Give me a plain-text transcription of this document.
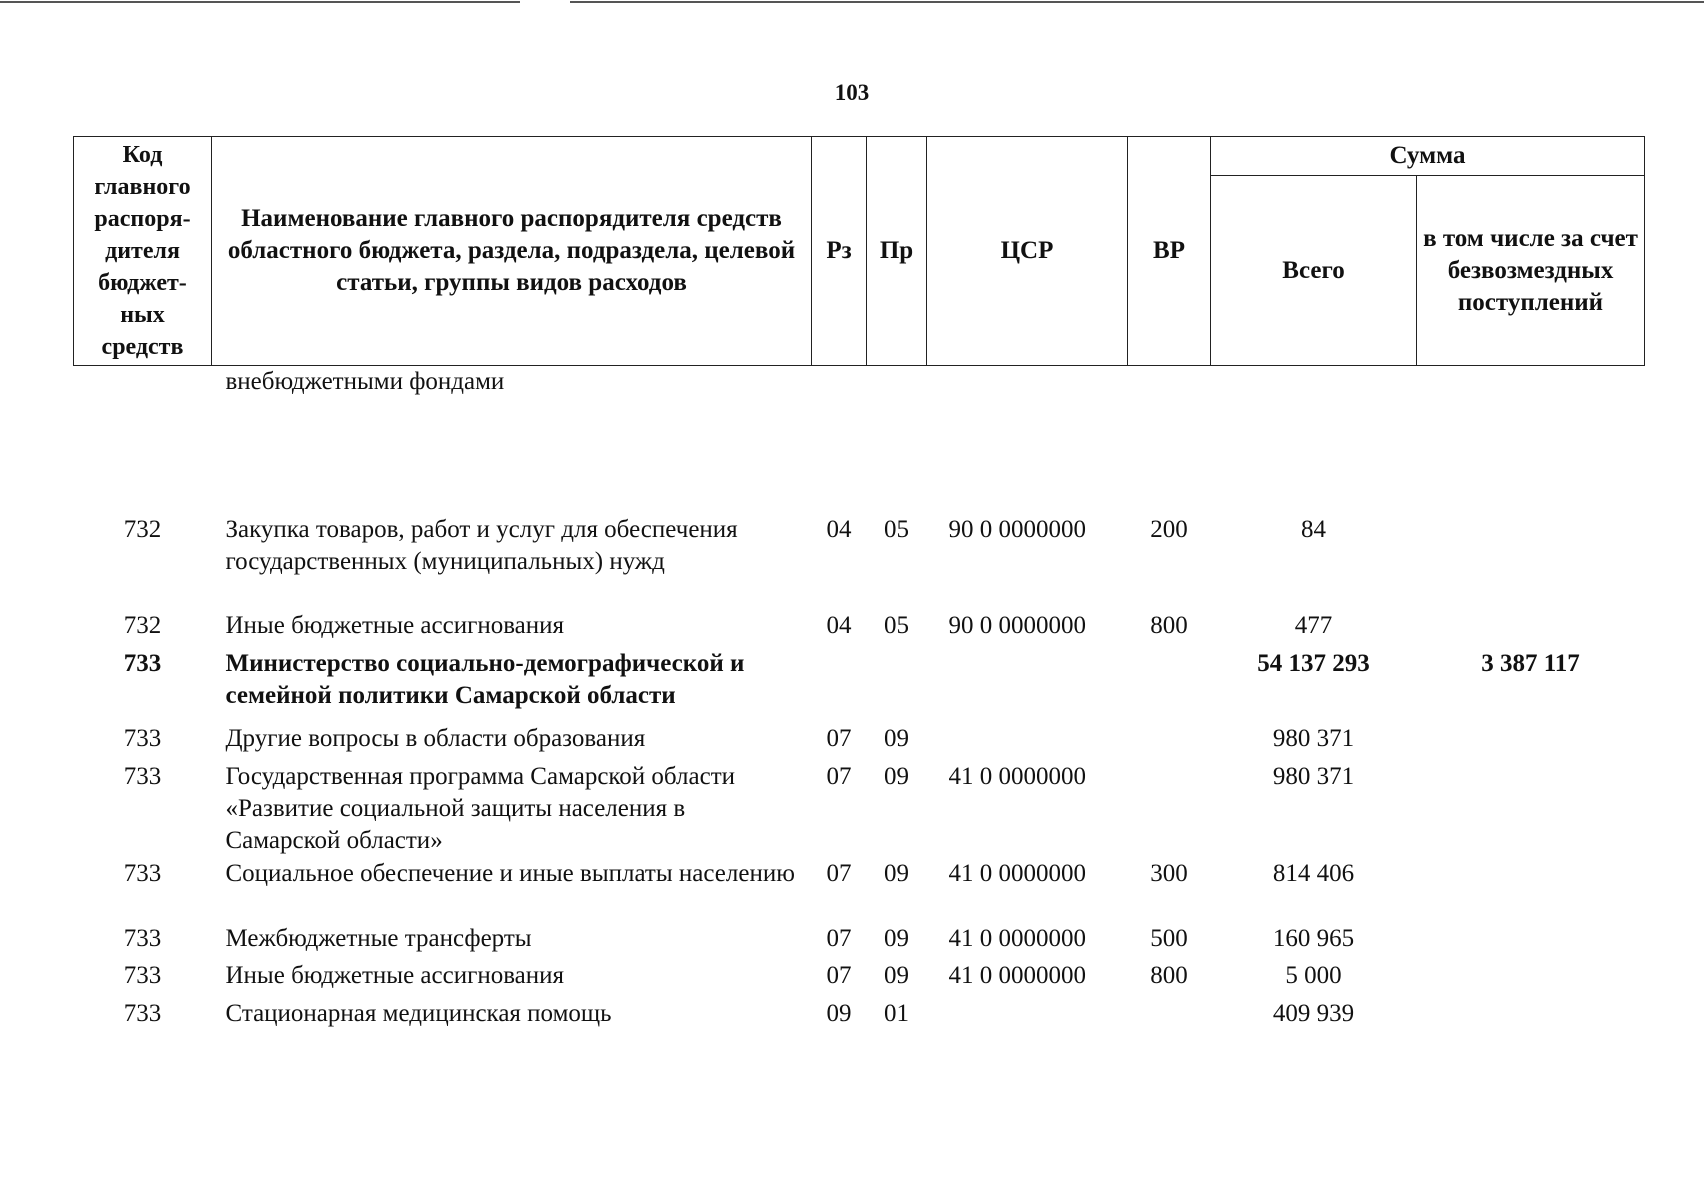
103
Код главного распоря-дителя бюджет-ных средств	Наименование главного распорядителя средств областного бюджета, раздела, подраздела, целевой статьи, группы видов расходов	Рз	Пр	ЦСР	ВР	Сумма	
						Всего	в том числе за счет безвозмездных поступлений
	внебюджетными фондами						
732	Закупка товаров, работ и услуг для обеспечения государственных (муниципальных) нужд	04	05	90 0 0000000	200	84	
732	Иные бюджетные ассигнования	04	05	90 0 0000000	800	477	
733	Министерство социально-демографической и семейной политики Самарской области					54 137 293	3 387 117
733	Другие вопросы в области образования	07	09			980 371	
733	Государственная программа Самарской области «Развитие социальной защиты населения в Самарской области»	07	09	41 0 0000000		980 371	
733	Социальное обеспечение и иные выплаты населению	07	09	41 0 0000000	300	814 406	
733	Межбюджетные трансферты	07	09	41 0 0000000	500	160 965	
733	Иные бюджетные ассигнования	07	09	41 0 0000000	800	5 000	
733	Стационарная медицинская помощь	09	01			409 939	
